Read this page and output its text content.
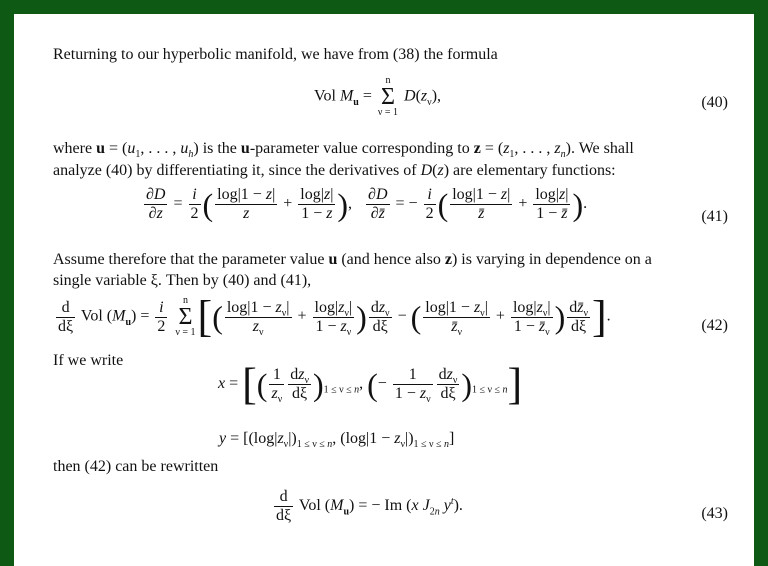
Returning to our hyperbolic manifold, we have from (38) the formula
Vol $M_u = n$
Σ
ν = 1 $D(z_\nu)$,	(40)
where $u = (u_1$, . . . , $u_h$) is the u-parameter value corresponding to $z = (z_1$, . . . , $z_n$). We shall
analyze (40) by differentiating it, since the derivatives of D(z) are elementary functions:
$\frac{\partial D}{\partial z} = \frac{i}{2}$ ( $\frac{\log|1 - z|}{z} + \frac{\log|z|}{1 - z}$ ), $\frac{\partial D}{\partial z̄}$ = − $\frac{i}{2}$ ( $\frac{\log|1 - z|}{z̄} + \frac{\log|z|}{1 - z̄}$ ).
(41)
Assume therefore that the parameter value u (and hence also z) is varying in dependence on a
single variable ξ. Then by (40) and (41),
$\frac{d}{d\xi}$ Vol $(M_u) = \frac{i}{2}$ n
Σ
$\nu = 1[( \frac{\log|1 - z_\nu|}{z_\nu} + \frac{\log|z_\nu|}{1 - z_\nu}$ ) $\frac{dz_\nu}{d\xi}$ − ( $\frac{\log|1 - z_\nu|}{z̄_\nu} + \frac{\log|z_\nu|}{1 - z̄_\nu}$ ) $\frac{dz̄_\nu}{d\xi}$ ].
(42)
If we write
x = [( $\frac{1}{z_\nu} \frac{dz_\nu}{d\xi} )_{1 \le \nu \le n}$, (− $\frac{1}{1 - z_\nu} \frac{dz_\nu}{d\xi} )_{1 \le \nu \le n}$]
$y = [(\log|z_\nu|)_{1 \le \nu \le n}$, $(\log|1 - z_\nu|)_{1 \le \nu \le n}$]
then (42) can be rewritten
$\frac{d}{d\xi}$ Vol $(M_u)$ = − Im (x $J_{2n}$ $y^t$).	(43)
